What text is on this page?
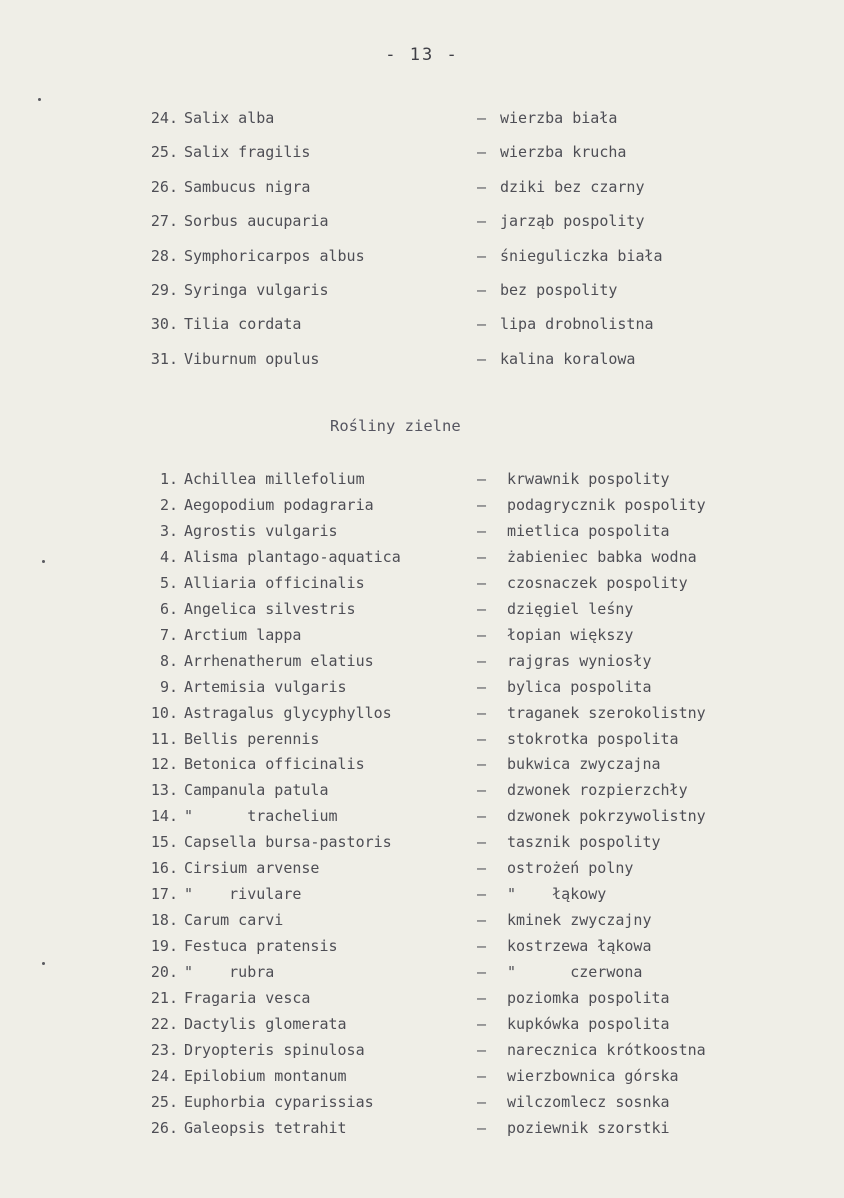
- 13 -
24. Salix alba	– wierzba biała
25. Salix fragilis	– wierzba krucha
26. Sambucus nigra	– dziki bez czarny
27. Sorbus aucuparia	– jarząb pospolity
28. Symphoricarpos albus	– śnieguliczka biała
29. Syringa vulgaris	– bez pospolity
30. Tilia cordata	– lipa drobnolistna
31. Viburnum opulus	– kalina koralowa
Rośliny zielne
1. Achillea millefolium	– krwawnik pospolity
2. Aegopodium podagraria	– podagrycznik pospolity
3. Agrostis vulgaris	– mietlica pospolita
4. Alisma plantago-aquatica	– żabieniec babka wodna
5. Alliaria officinalis	– czosnaczek pospolity
6. Angelica silvestris	– dzięgiel leśny
7. Arctium lappa	– łopian większy
8. Arrhenatherum elatius	– rajgras wyniosły
9. Artemisia vulgaris	– bylica pospolita
10. Astragalus glycyphyllos	– traganek szerokolistny
11. Bellis perennis	– stokrotka pospolita
12. Betonica officinalis	– bukwica zwyczajna
13. Campanula patula	– dzwonek rozpierzchły
14. "      trachelium	– dzwonek pokrzywolistny
15. Capsella bursa-pastoris	– tasznik pospolity
16. Cirsium arvense	– ostrożeń polny
17. "    rivulare	– "    łąkowy
18. Carum carvi	– kminek zwyczajny
19. Festuca pratensis	– kostrzewa łąkowa
20. "    rubra	– "      czerwona
21. Fragaria vesca	– poziomka pospolita
22. Dactylis glomerata	– kupkówka pospolita
23. Dryopteris spinulosa	– narecznica krótkoostna
24. Epilobium montanum	– wierzbownica górska
25. Euphorbia cyparissias	– wilczomlecz sosnka
26. Galeopsis tetrahit	– poziewnik szorstki
